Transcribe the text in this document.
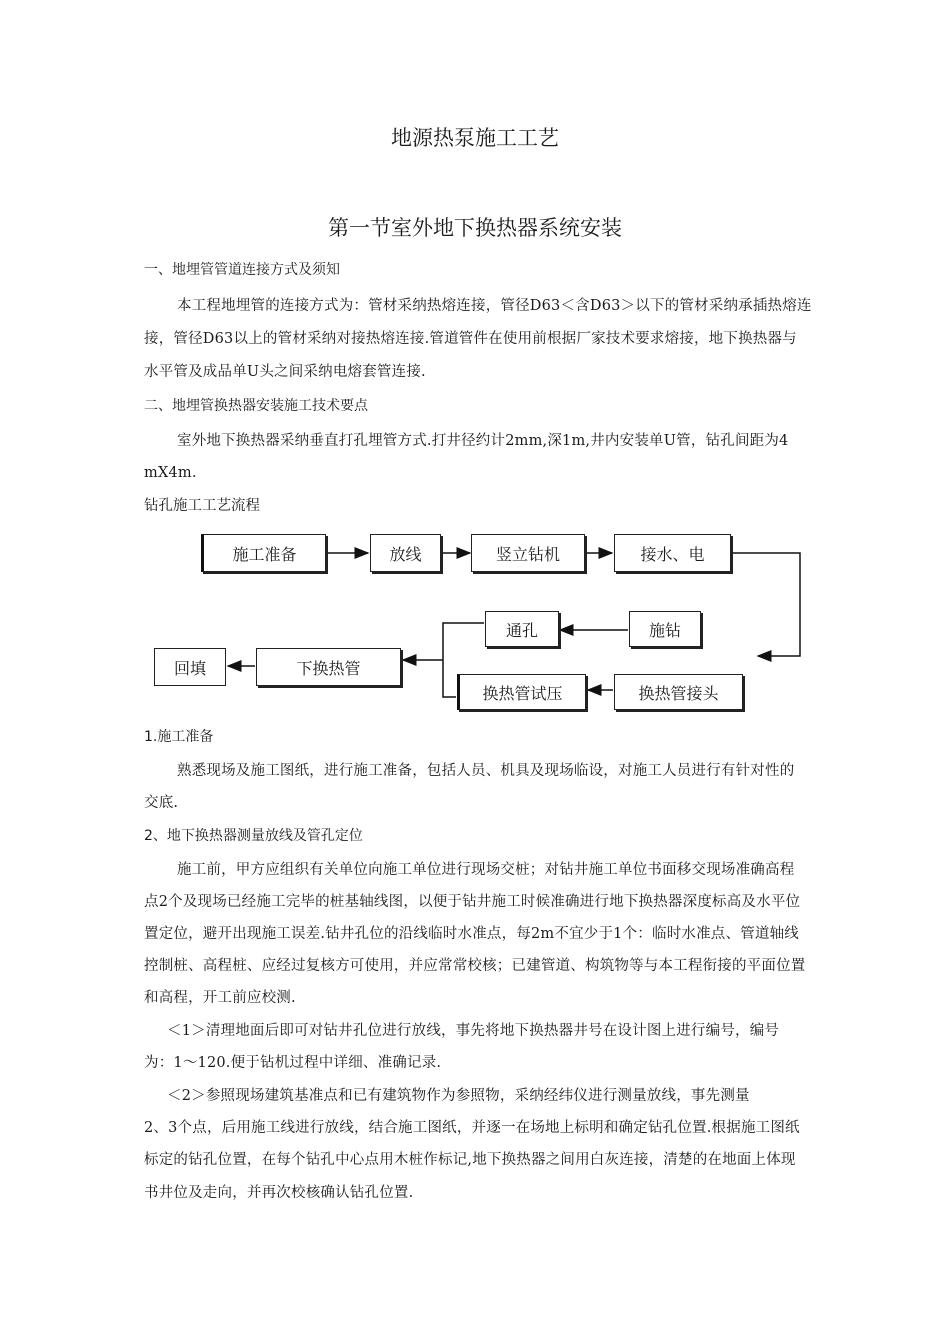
地源热泵施工工艺
第一节室外地下换热器系统安装
一、地埋管管道连接方式及须知
本工程地埋管的连接方式为：管材采纳热熔连接，管径D63＜含D63＞以下的管材采纳承插热熔连
接，管径D63以上的管材采纳对接热熔连接.管道管件在使用前根据厂家技术要求熔接，地下换热器与
水平管及成品单U头之间采纳电熔套管连接.
二、地埋管换热器安装施工技术要点
室外地下换热器采纳垂直打孔埋管方式.打井径约计2mm,深1m,井内安装单U管，钻孔间距为4
mX4m.
钻孔施工工艺流程
施工准备	放线	竖立钻机	接水、电
通孔	施钻
回填	下换热管
换热管试压	换热管接头
1.施工准备
熟悉现场及施工图纸，进行施工准备，包括人员、机具及现场临设，对施工人员进行有针对性的
交底.
2、地下换热器测量放线及管孔定位
施工前，甲方应组织有关单位向施工单位进行现场交桩；对钻井施工单位书面移交现场准确高程
点2个及现场已经施工完毕的桩基轴线图，以便于钻井施工时候准确进行地下换热器深度标高及水平位
置定位，避开出现施工误差.钻井孔位的沿线临时水准点，每2m不宜少于1个：临时水准点、管道轴线
控制桩、高程桩、应经过复核方可使用，并应常常校核；已建管道、构筑物等与本工程衔接的平面位置
和高程，开工前应校测.
＜1＞清理地面后即可对钻井孔位进行放线，事先将地下换热器井号在设计图上进行编号，编号
为：1～120.便于钻机过程中详细、准确记录.
＜2＞参照现场建筑基准点和已有建筑物作为参照物，采纳经纬仪进行测量放线，事先测量
2、3个点，后用施工线进行放线，结合施工图纸，并逐一在场地上标明和确定钻孔位置.根据施工图纸
标定的钻孔位置，在每个钻孔中心点用木桩作标记,地下换热器之间用白灰连接，清楚的在地面上体现
书井位及走向，并再次校核确认钻孔位置.
